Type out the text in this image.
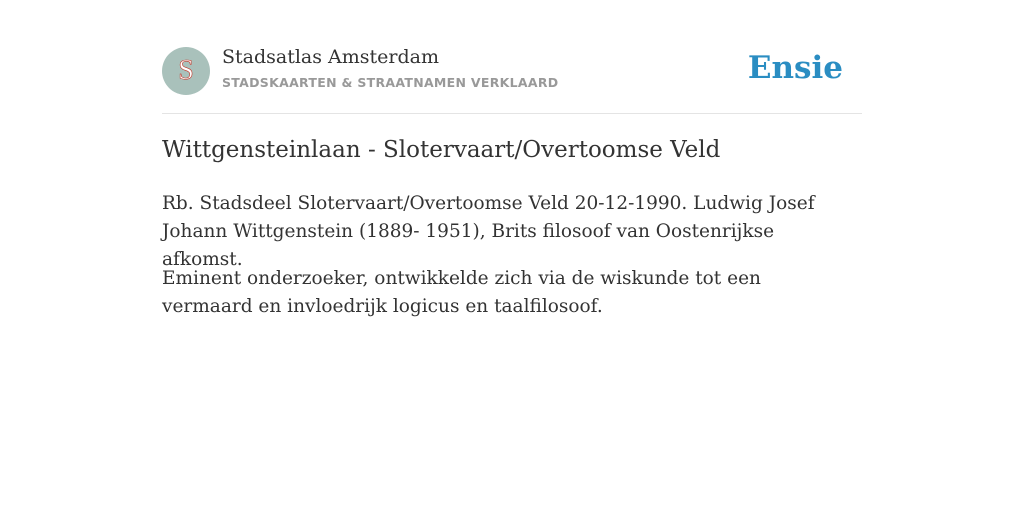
S	Stadsatlas Amsterdam
STADSKAARTEN & STRAATNAMEN VERKLAARD	Ensie
Wittgensteinlaan - Slotervaart/Overtoomse Veld

Rb. Stadsdeel Slotervaart/Overtoomse Veld 20-12-1990. Ludwig Josef Johann Wittgenstein (1889- 1951), Brits filosoof van Oostenrijkse afkomst.

Eminent onderzoeker, ontwikkelde zich via de wiskunde tot een vermaard en invloedrijk logicus en taalfilosoof.
